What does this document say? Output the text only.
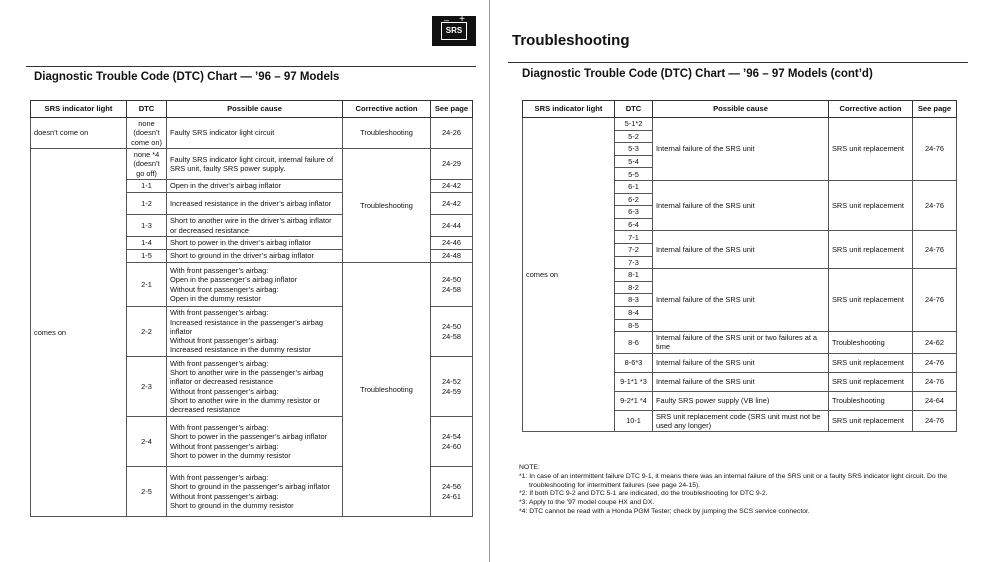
– +
SRS
Diagnostic Trouble Code (DTC) Chart — ’96 – 97 Models
SRS indicator light	DTC	Possible cause	Corrective action	See page
doesn’t come on	none (doesn’t come on)	Faulty SRS indicator light circuit	Troubleshooting	24-26
comes on	none *4 (doesn’t go off)	Faulty SRS indicator light circuit, internal failure of SRS unit, faulty SRS power supply.	Troubleshooting	24-29
	1-1	Open in the driver’s airbag inflator		24-42
	1-2	Increased resistance in the driver’s airbag inflator		24-42
	1-3	Short to another wire in the driver’s airbag inflator or decreased resistance		24-44
	1-4	Short to power in the driver’s airbag inflator		24-46
	1-5	Short to ground in the driver’s airbag inflator		24-48
	2-1	With front passenger’s airbag:
Open in the passenger’s airbag inflator
Without front passenger’s airbag:
Open in the dummy resistor	Troubleshooting	24-50
24-58
	2-2	With front passenger’s airbag:
Increased resistance in the passenger’s airbag inflator
Without front passenger’s airbag:
Increased resistance in the dummy resistor		24-50
24-58
	2-3	With front passenger’s airbag:
Short to another wire in the passenger’s airbag inflator or decreased resistance
Without front passenger’s airbag:
Short to another wire in the dummy resistor or decreased resistance		24-52
24-59
	2-4	With front passenger’s airbag:
Short to power in the passenger’s airbag inflator
Without front passenger’s airbag:
Short to power in the dummy resistor		24-54
24-60
	2-5	With front passenger’s airbag:
Short to ground in the passenger’s airbag inflator
Without front passenger’s airbag:
Short to ground in the dummy resistor		24-56
24-61
Troubleshooting
Diagnostic Trouble Code (DTC) Chart — ’96 – 97 Models (cont’d)
SRS indicator light	DTC	Possible cause	Corrective action	See page
comes on	5-1*2	Internal failure of the SRS unit	SRS unit replacement	24-76
	5-2			
	5-3			
	5-4			
	5-5			
	6-1	Internal failure of the SRS unit	SRS unit replacement	24-76
	6-2			
	6-3			
	6-4			
	7-1	Internal failure of the SRS unit	SRS unit replacement	24-76
	7-2			
	7-3			
	8-1	Internal failure of the SRS unit	SRS unit replacement	24-76
	8-2			
	8-3			
	8-4			
	8-5			
	8-6	Internal failure of the SRS unit or two failures at a time	Troubleshooting	24-62
	8-6*3	Internal failure of the SRS unit	SRS unit replacement	24-76
	9-1*1 *3	Internal failure of the SRS unit	SRS unit replacement	24-76
	9-2*1 *4	Faulty SRS power supply (VB line)	Troubleshooting	24-64
	10-1	SRS unit replacement code (SRS unit must not be used any longer)	SRS unit replacement	24-76
NOTE:
*1: In case of an intermittent failure DTC 9-1, it means there was an internal failure of the SRS unit or a faulty SRS indicator light circuit. Do the troubleshooting for intermittent failures (see page 24-15).
*2: If both DTC 9-2 and DTC 5-1 are indicated, do the troubleshooting for DTC 9-2.
*3: Apply to the ’97 model coupe HX and DX.
*4: DTC cannot be read with a Honda PGM Tester; check by jumping the SCS service connector.
